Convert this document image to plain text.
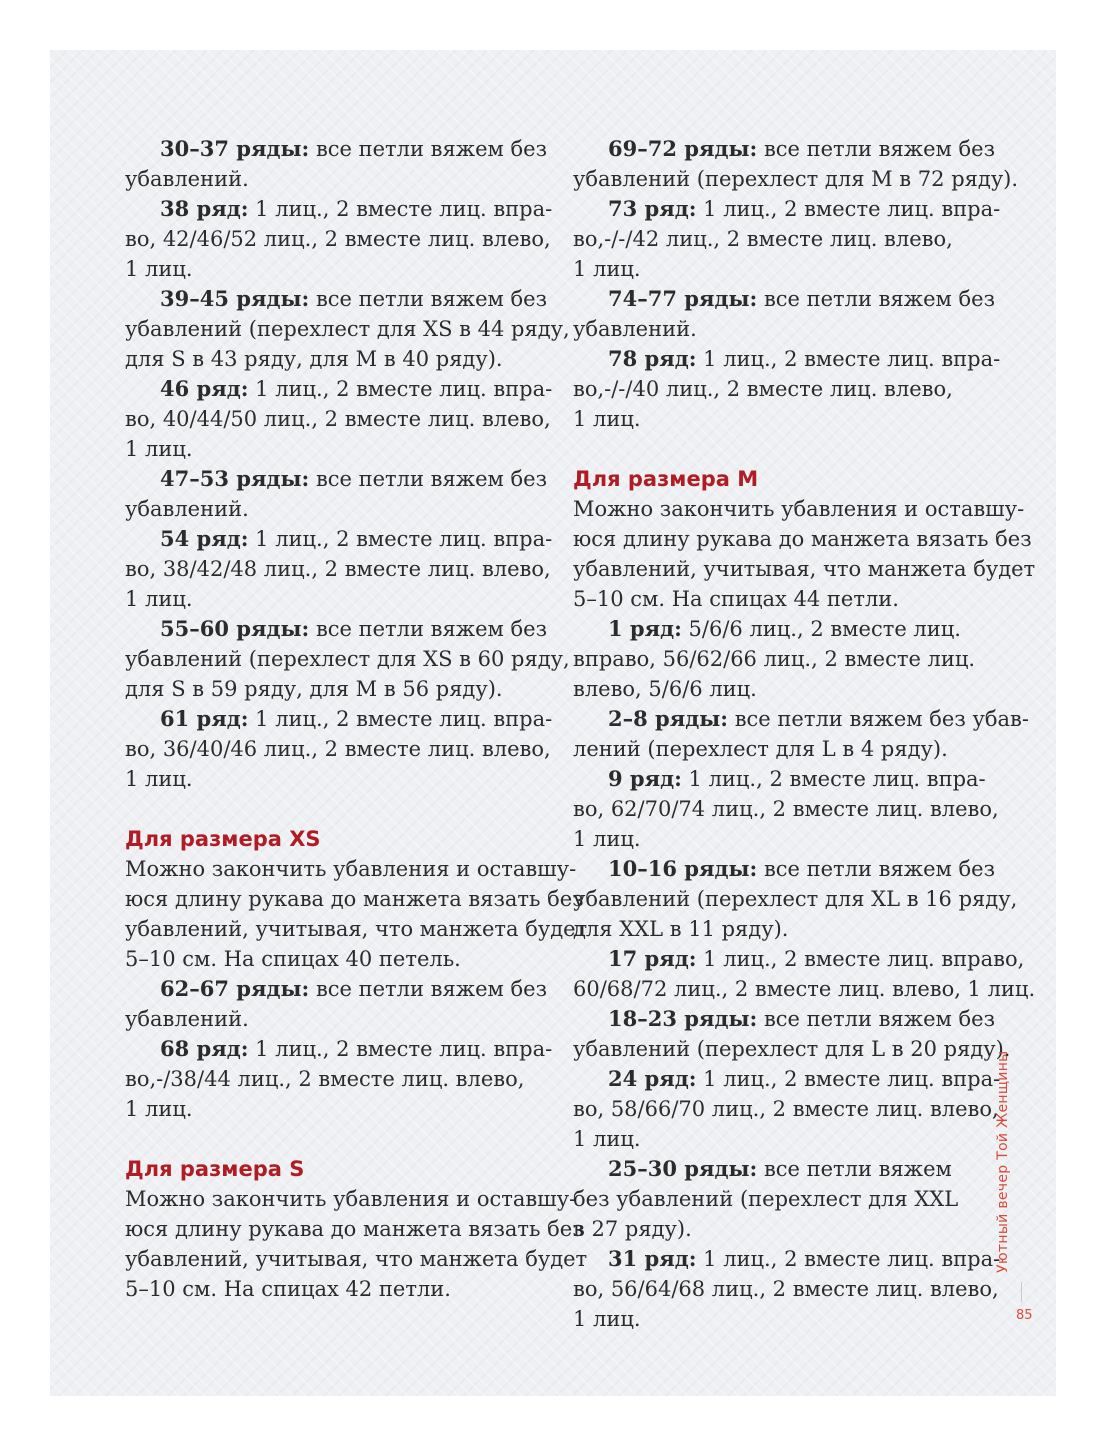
30–37 ряды: все петли вяжем без
убавлений.

38 ряд: 1 лиц., 2 вместе лиц. впра-
во, 42/46/52 лиц., 2 вместе лиц. влево,
1 лиц.

39–45 ряды: все петли вяжем без
убавлений (перехлест для XS в 44 ряду,
для S в 43 ряду, для M в 40 ряду).

46 ряд: 1 лиц., 2 вместе лиц. впра-
во, 40/44/50 лиц., 2 вместе лиц. влево,
1 лиц.

47–53 ряды: все петли вяжем без
убавлений.

54 ряд: 1 лиц., 2 вместе лиц. впра-
во, 38/42/48 лиц., 2 вместе лиц. влево,
1 лиц.

55–60 ряды: все петли вяжем без
убавлений (перехлест для XS в 60 ряду,
для S в 59 ряду, для M в 56 ряду).

61 ряд: 1 лиц., 2 вместе лиц. впра-
во, 36/40/46 лиц., 2 вместе лиц. влево,
1 лиц.

Для размера XS

Можно закончить убавления и оставшу-
юся длину рукава до манжета вязать без
убавлений, учитывая, что манжета будет
5–10 см. На спицах 40 петель.

62–67 ряды: все петли вяжем без
убавлений.

68 ряд: 1 лиц., 2 вместе лиц. впра-
во,-/38/44 лиц., 2 вместе лиц. влево,
1 лиц.

Для размера S

Можно закончить убавления и оставшу-
юся длину рукава до манжета вязать без
убавлений, учитывая, что манжета будет
5–10 см. На спицах 42 петли.

69–72 ряды: все петли вяжем без
убавлений (перехлест для M в 72 ряду).

73 ряд: 1 лиц., 2 вместе лиц. впра-
во,-/-/42 лиц., 2 вместе лиц. влево,
1 лиц.

74–77 ряды: все петли вяжем без
убавлений.

78 ряд: 1 лиц., 2 вместе лиц. впра-
во,-/-/40 лиц., 2 вместе лиц. влево,
1 лиц.

Для размера M

Можно закончить убавления и оставшу-
юся длину рукава до манжета вязать без
убавлений, учитывая, что манжета будет
5–10 см. На спицах 44 петли.

1 ряд: 5/6/6 лиц., 2 вместе лиц.
вправо, 56/62/66 лиц., 2 вместе лиц.
влево, 5/6/6 лиц.

2–8 ряды: все петли вяжем без убав-
лений (перехлест для L в 4 ряду).

9 ряд: 1 лиц., 2 вместе лиц. впра-
во, 62/70/74 лиц., 2 вместе лиц. влево,
1 лиц.

10–16 ряды: все петли вяжем без
убавлений (перехлест для XL в 16 ряду,
для XXL в 11 ряду).

17 ряд: 1 лиц., 2 вместе лиц. вправо,
60/68/72 лиц., 2 вместе лиц. влево, 1 лиц.

18–23 ряды: все петли вяжем без
убавлений (перехлест для L в 20 ряду).

24 ряд: 1 лиц., 2 вместе лиц. впра-
во, 58/66/70 лиц., 2 вместе лиц. влево,
1 лиц.

25–30 ряды: все петли вяжем
без убавлений (перехлест для XXL
в 27 ряду).

31 ряд: 1 лиц., 2 вместе лиц. впра-
во, 56/64/68 лиц., 2 вместе лиц. влево,
1 лиц.

Уютный вечер Той Женщины
85
